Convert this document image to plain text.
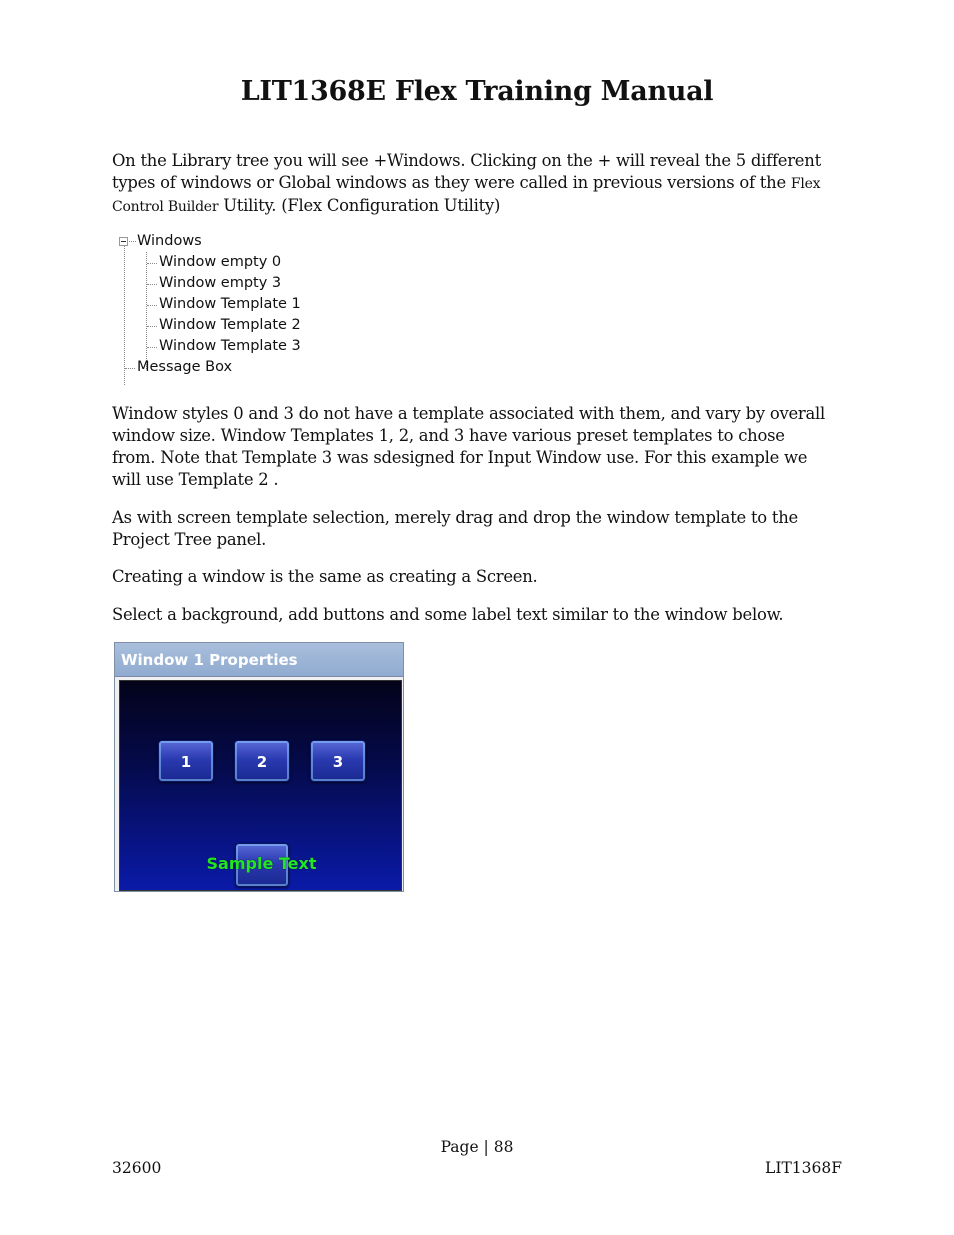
LIT1368E Flex Training Manual

On the Library tree you will see +Windows. Clicking on the + will reveal the 5 different types of windows or Global windows as they were called in previous versions of the Flex Control Builder Utility. (Flex Configuration Utility)

Windows
Window empty 0
Window empty 3
Window Template 1
Window Template 2
Window Template 3
Message Box

Window styles 0 and 3 do not have a template associated with them, and vary by overall window size. Window Templates 1, 2, and 3 have various preset templates to chose from. Note that Template 3 was sdesigned for Input Window use. For this example we will use Template 2 .

As with screen template selection, merely drag and drop the window template to the Project Tree panel.

Creating a window is the same as creating a Screen.

Select a background, add buttons and some label text similar to the window below.

Window 1 Properties
1	2	3
Sample Text

Page | 88

32600	LIT1368F
